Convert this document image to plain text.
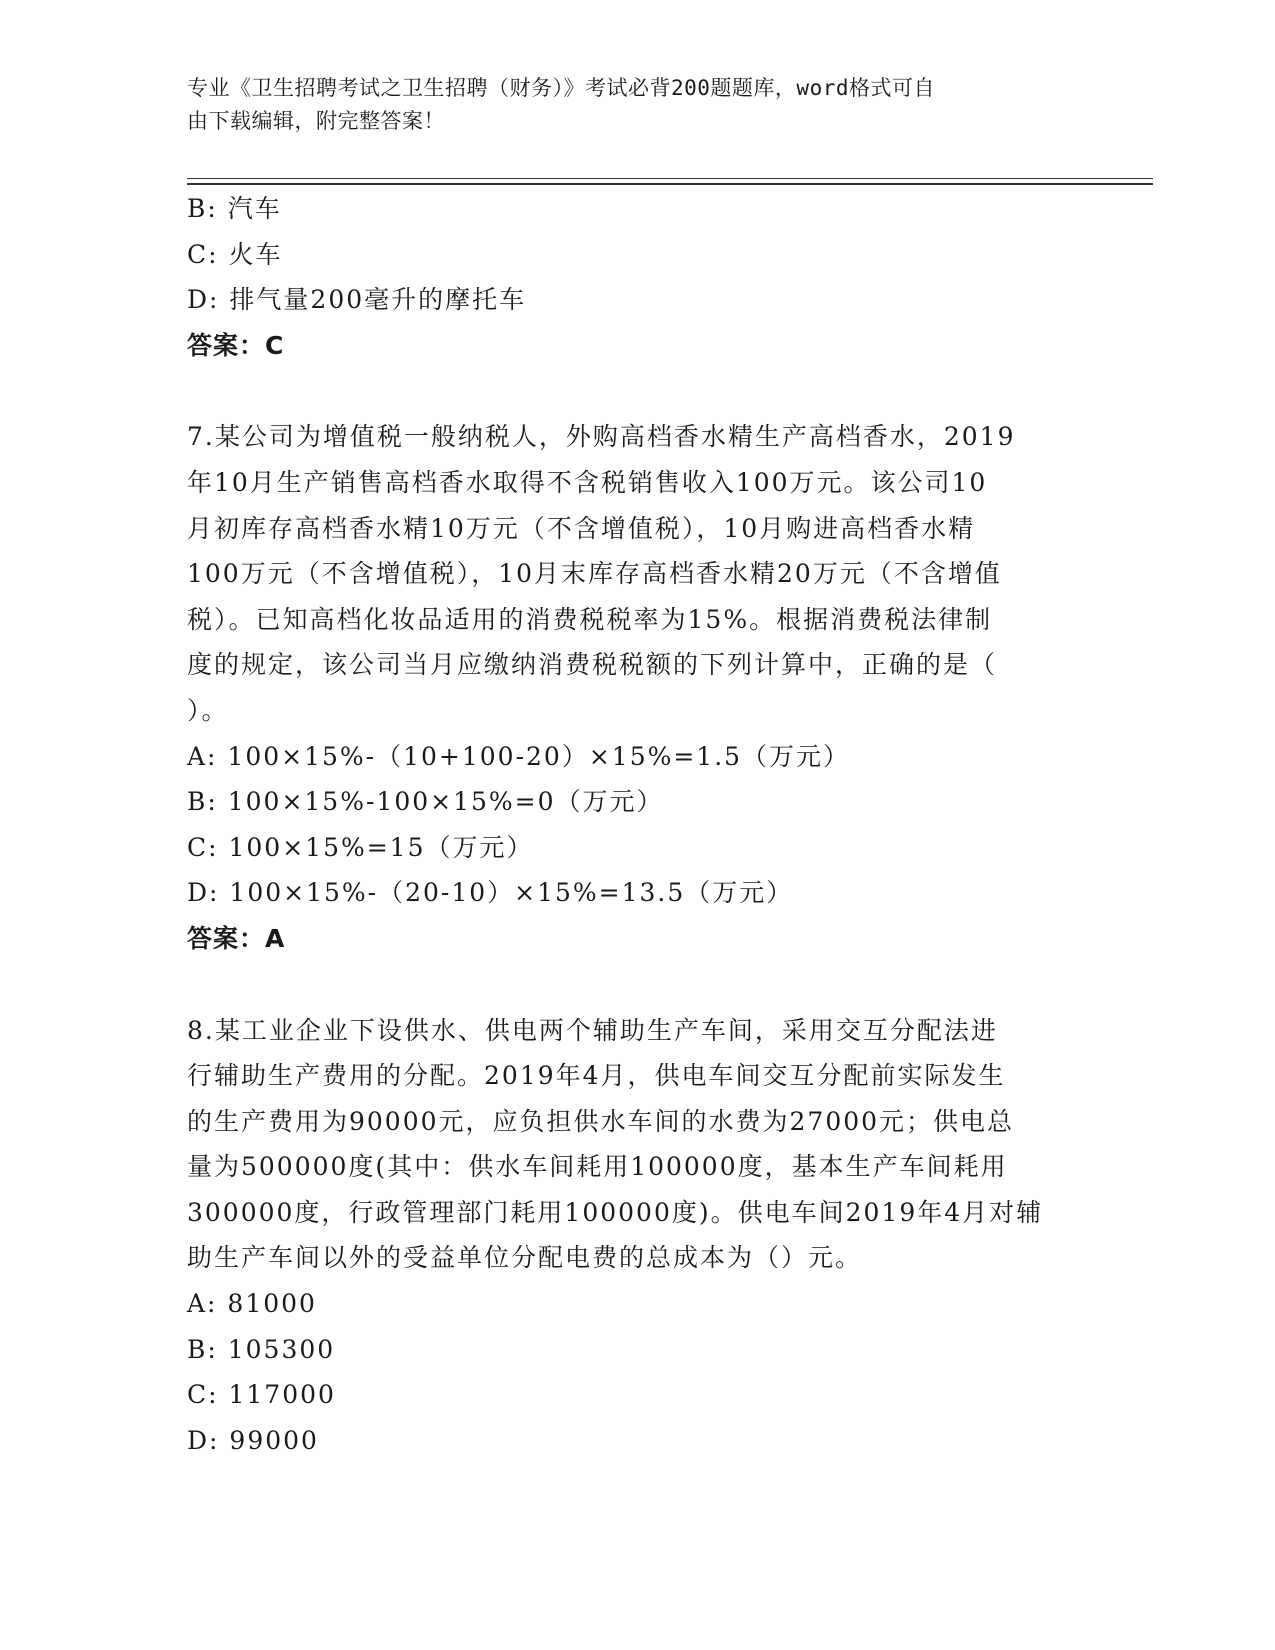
专业《卫生招聘考试之卫生招聘（财务）》考试必背200题题库，word格式可自
由下载编辑，附完整答案！
B: 汽车
C: 火车
D: 排气量200毫升的摩托车
答案：C
7.某公司为增值税一般纳税人，外购高档香水精生产高档香水，2019
年10月生产销售高档香水取得不含税销售收入100万元。该公司10
月初库存高档香水精10万元（不含增值税），10月购进高档香水精
100万元（不含增值税），10月末库存高档香水精20万元（不含增值
税）。已知高档化妆品适用的消费税税率为15%。根据消费税法律制
度的规定，该公司当月应缴纳消费税税额的下列计算中，正确的是（
）。
A: 100×15%-（10+100-20）×15%=1.5（万元）
B: 100×15%-100×15%=0（万元）
C: 100×15%=15（万元）
D: 100×15%-（20-10）×15%=13.5（万元）
答案：A
8.某工业企业下设供水、供电两个辅助生产车间，采用交互分配法进
行辅助生产费用的分配。2019年4月，供电车间交互分配前实际发生
的生产费用为90000元，应负担供水车间的水费为27000元；供电总
量为500000度(其中：供水车间耗用100000度，基本生产车间耗用
300000度，行政管理部门耗用100000度)。供电车间2019年4月对辅
助生产车间以外的受益单位分配电费的总成本为（）元。
A: 81000
B: 105300
C: 117000
D: 99000
